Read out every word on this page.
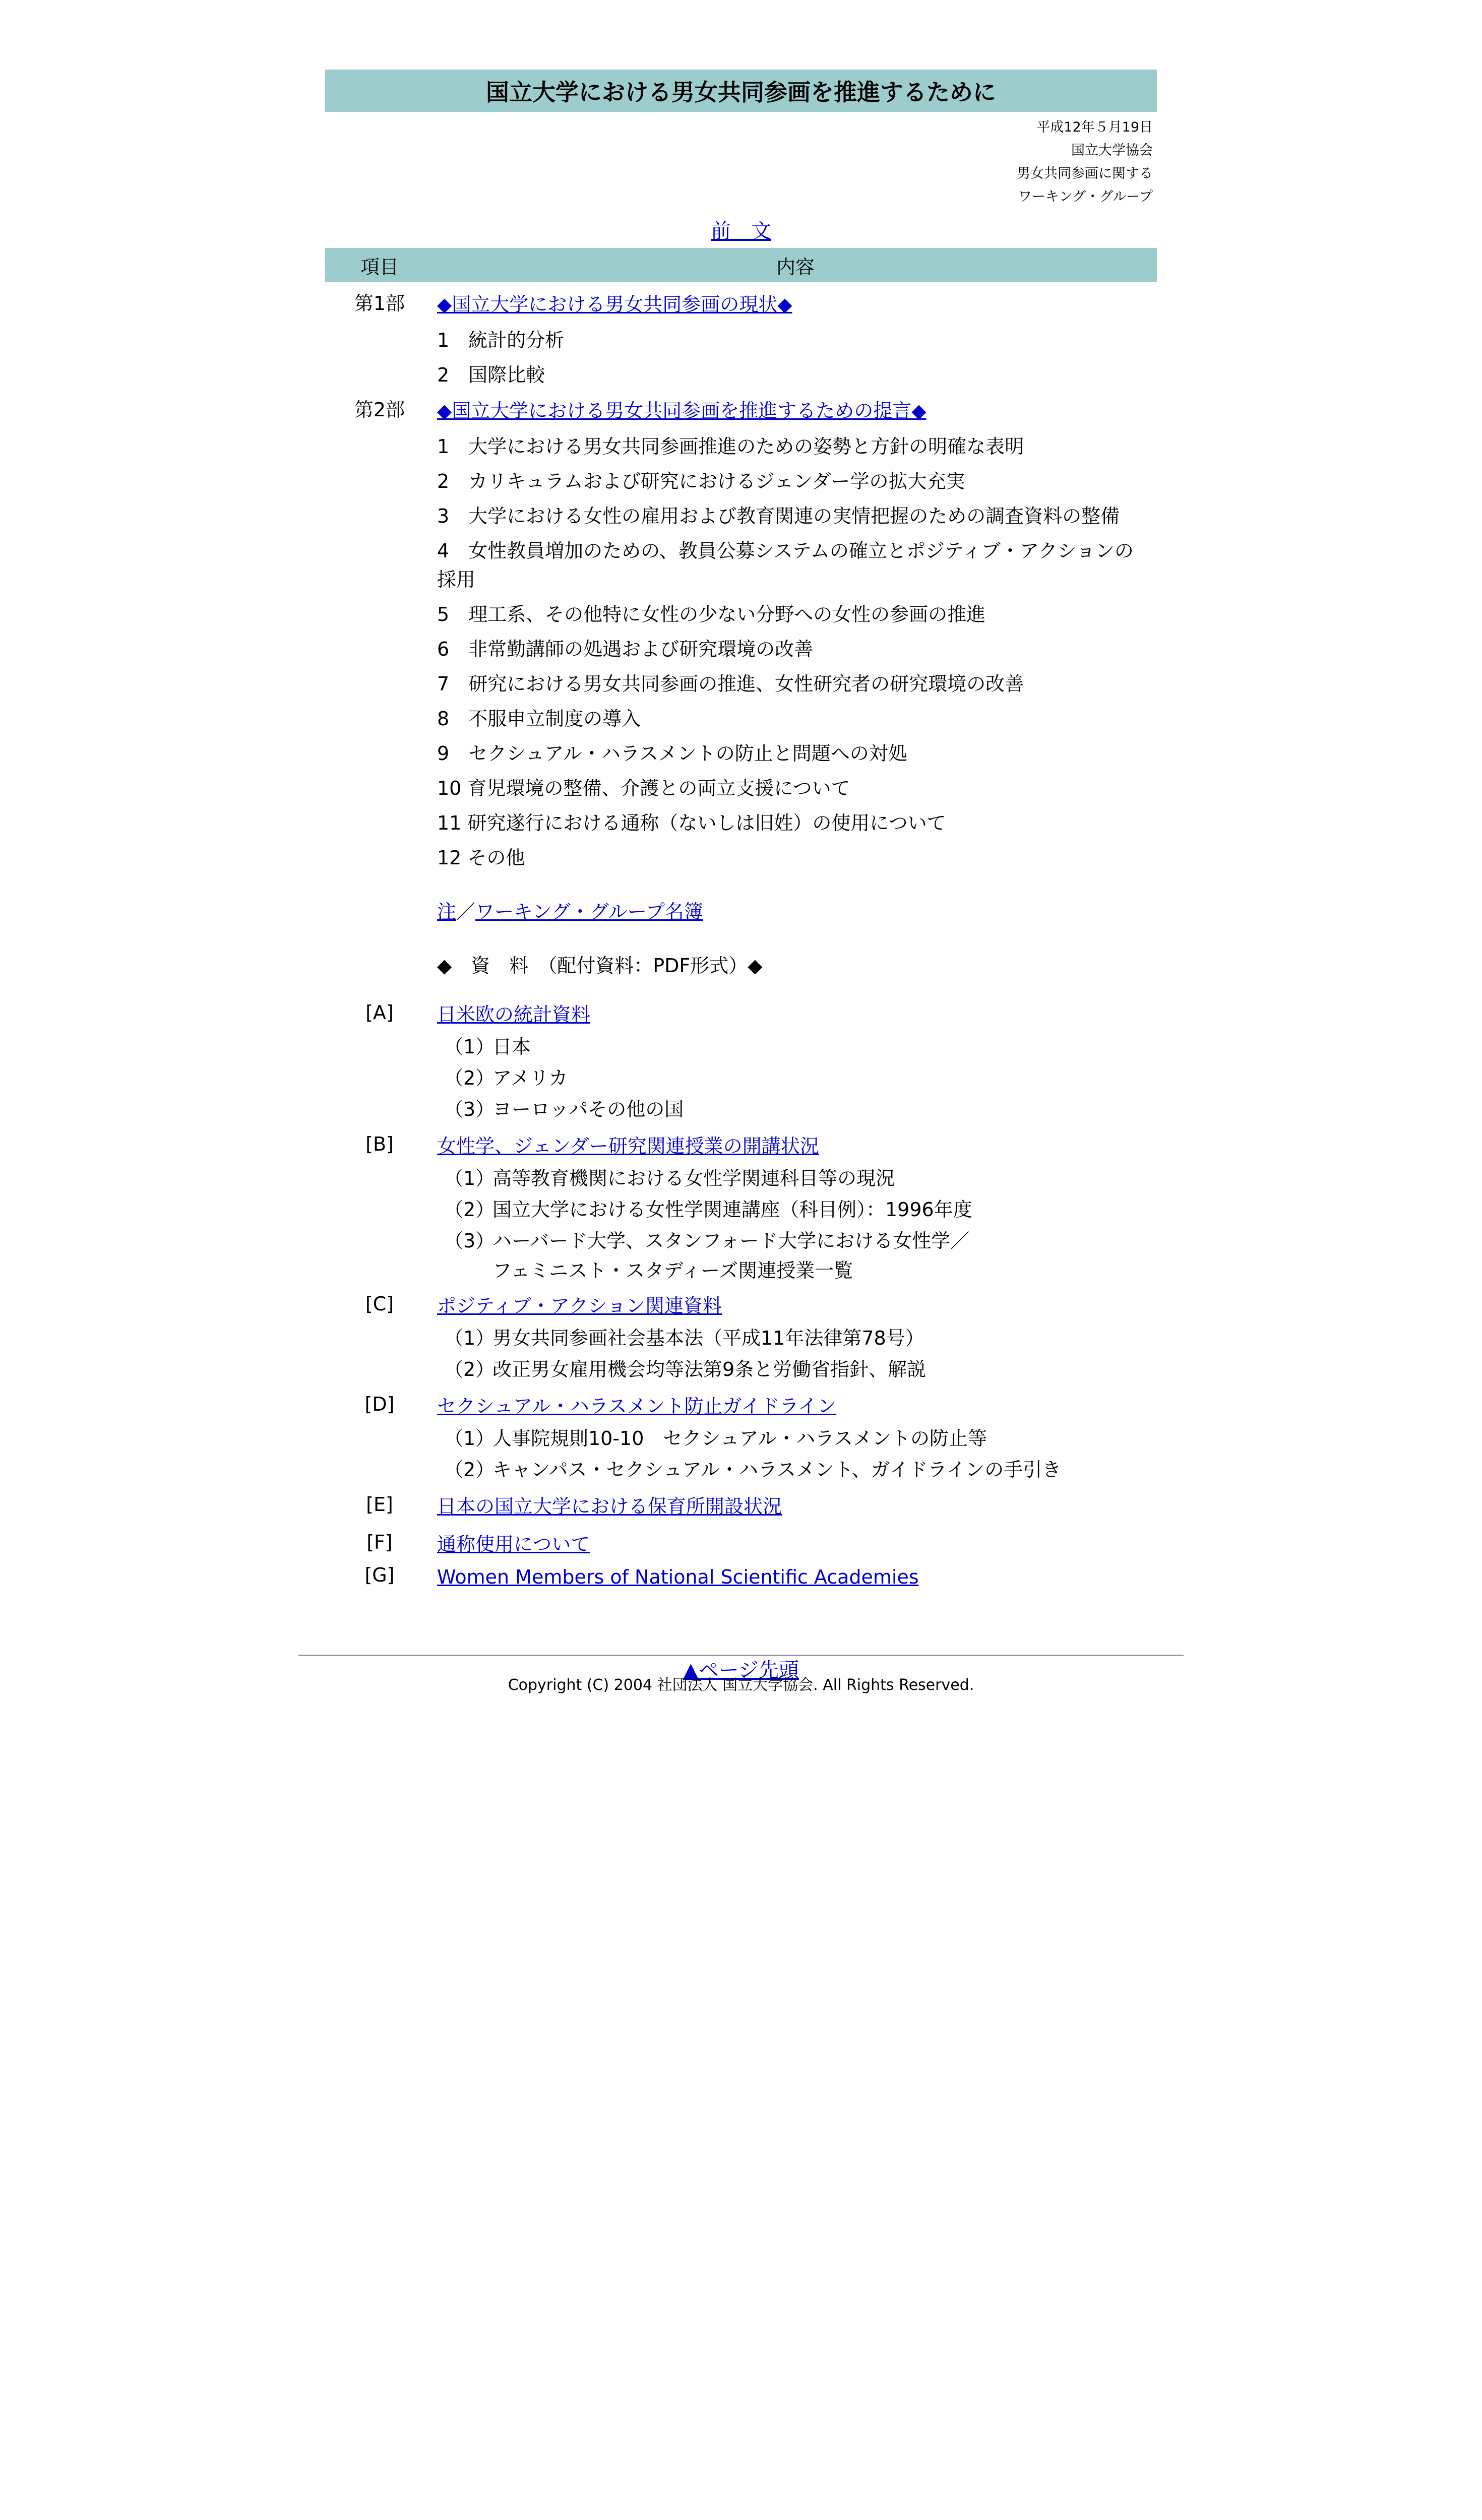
国立大学における男女共同参画を推進するために
平成12年５月19日
国立大学協会
男女共同参画に関する
ワーキング・グループ
前　文
項目	内容
第1部	◆国立大学における男女共同参画の現状◆
1　統計的分析
2　国際比較
第2部	◆国立大学における男女共同参画を推進するための提言◆
1　大学における男女共同参画推進のための姿勢と方針の明確な表明
2　カリキュラムおよび研究におけるジェンダー学の拡大充実
3　大学における女性の雇用および教育関連の実情把握のための調査資料の整備
4　女性教員増加のための、教員公募システムの確立とポジティブ・アクションの採用
5　理工系、その他特に女性の少ない分野への女性の参画の推進
6　非常勤講師の処遇および研究環境の改善
7　研究における男女共同参画の推進、女性研究者の研究環境の改善
8　不服申立制度の導入
9　セクシュアル・ハラスメントの防止と問題への対処
10 育児環境の整備、介護との両立支援について
11 研究遂行における通称（ないしは旧姓）の使用について
12 その他
注／ワーキング・グループ名簿
◆　資　料　（配付資料：PDF形式）◆
[A]	日米欧の統計資料
（1）日本
（2）アメリカ
（3）ヨーロッパその他の国
[B]	女性学、ジェンダー研究関連授業の開講状況
（1）高等教育機関における女性学関連科目等の現況
（2）国立大学における女性学関連講座（科目例）：1996年度
（3）ハーバード大学、スタンフォード大学における女性学／
フェミニスト・スタディーズ関連授業一覧
[C]	ポジティブ・アクション関連資料
（1）男女共同参画社会基本法（平成11年法律第78号）
（2）改正男女雇用機会均等法第9条と労働省指針、解説
[D]	セクシュアル・ハラスメント防止ガイドライン
（1）人事院規則10-10　セクシュアル・ハラスメントの防止等
（2）キャンパス・セクシュアル・ハラスメント、ガイドラインの手引き
[E]	日本の国立大学における保育所開設状況
[F]	通称使用について
[G]	Women Members of National Scientific Academies
▲ページ先頭
Copyright (C) 2004 社団法人 国立大学協会. All Rights Reserved.
